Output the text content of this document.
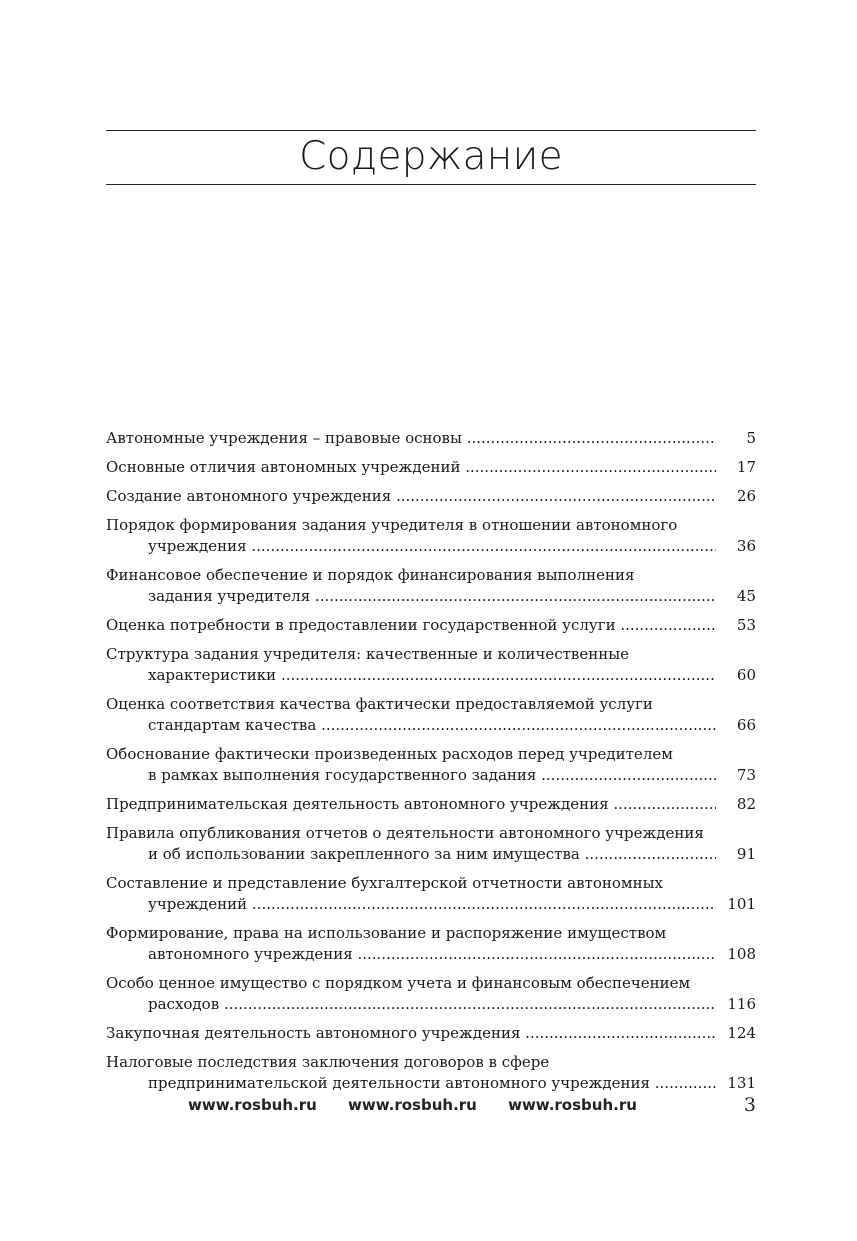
Содержание
Автономные учреждения – правовые основы .....	5
Основные отличия автономных учреждений .....	17
Создание автономного учреждения .....	26
Порядок формирования задания учредителя в отношении автономного
учреждения .....	36
Финансовое обеспечение и порядок финансирования выполнения
задания учредителя .....	45
Оценка потребности в предоставлении государственной услуги .....	53
Структура задания учредителя: качественные и количественные
характеристики .....	60
Оценка соответствия качества фактически предоставляемой услуги
стандартам качества .....	66
Обоснование фактически произведенных расходов перед учредителем
в рамках выполнения государственного задания .....	73
Предпринимательская деятельность автономного учреждения .....	82
Правила опубликования отчетов о деятельности автономного учреждения
и об использовании закрепленного за ним имущества .....	91
Составление и представление бухгалтерской отчетности автономных
учреждений .....	101
Формирование, права на использование и распоряжение имуществом
автономного учреждения .....	108
Особо ценное имущество с порядком учета и финансовым обеспечением
расходов .....	116
Закупочная деятельность автономного учреждения .....	124
Налоговые последствия заключения договоров в сфере
предпринимательской деятельности автономного учреждения .....	131
www.rosbuh.ru www.rosbuh.ru www.rosbuh.ru	3
